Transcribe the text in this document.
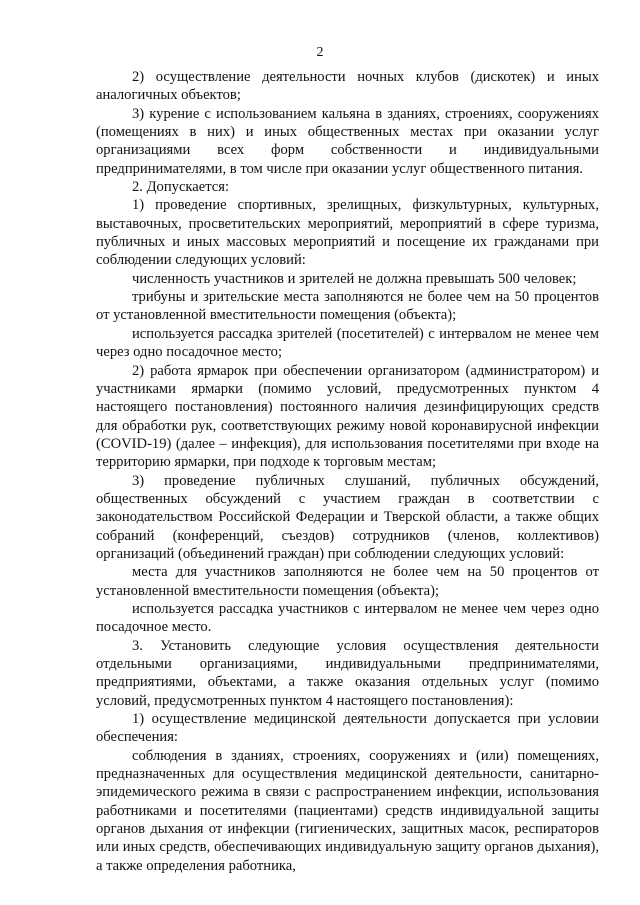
2

2) осуществление деятельности ночных клубов (дискотек) и иных аналогичных объектов;

3) курение с использованием кальяна в зданиях, строениях, сооружениях (помещениях в них) и иных общественных местах при оказании услуг организациями всех форм собственности и индивидуальными предпринимателями, в том числе при оказании услуг общественного питания.

2. Допускается:

1) проведение спортивных, зрелищных, физкультурных, культурных, выставочных, просветительских мероприятий, мероприятий в сфере туризма, публичных и иных массовых мероприятий и посещение их гражданами при соблюдении следующих условий:

численность участников и зрителей не должна превышать 500 человек;

трибуны и зрительские места заполняются не более чем на 50 процентов от установленной вместительности помещения (объекта);

используется рассадка зрителей (посетителей) с интервалом не менее чем через одно посадочное место;

2) работа ярмарок при обеспечении организатором (администратором) и участниками ярмарки (помимо условий, предусмотренных пунктом 4 настоящего постановления) постоянного наличия дезинфицирующих средств для обработки рук, соответствующих режиму новой коронавирусной инфекции (COVID-19) (далее – инфекция), для использования посетителями при входе на территорию ярмарки, при подходе к торговым местам;

3) проведение публичных слушаний, публичных обсуждений, общественных обсуждений с участием граждан в соответствии с законодательством Российской Федерации и Тверской области, а также общих собраний (конференций, съездов) сотрудников (членов, коллективов) организаций (объединений граждан) при соблюдении следующих условий:

места для участников заполняются не более чем на 50 процентов от установленной вместительности помещения (объекта);

используется рассадка участников с интервалом не менее чем через одно посадочное место.

3. Установить следующие условия осуществления деятельности отдельными организациями, индивидуальными предпринимателями, предприятиями, объектами, а также оказания отдельных услуг (помимо условий, предусмотренных пунктом 4 настоящего постановления):

1) осуществление медицинской деятельности допускается при условии обеспечения:

соблюдения в зданиях, строениях, сооружениях и (или) помещениях, предназначенных для осуществления медицинской деятельности, санитарно-эпидемического режима в связи с распространением инфекции, использования работниками и посетителями (пациентами) средств индивидуальной защиты органов дыхания от инфекции (гигиенических, защитных масок, респираторов или иных средств, обеспечивающих индивидуальную защиту органов дыхания), а также определения работника,
